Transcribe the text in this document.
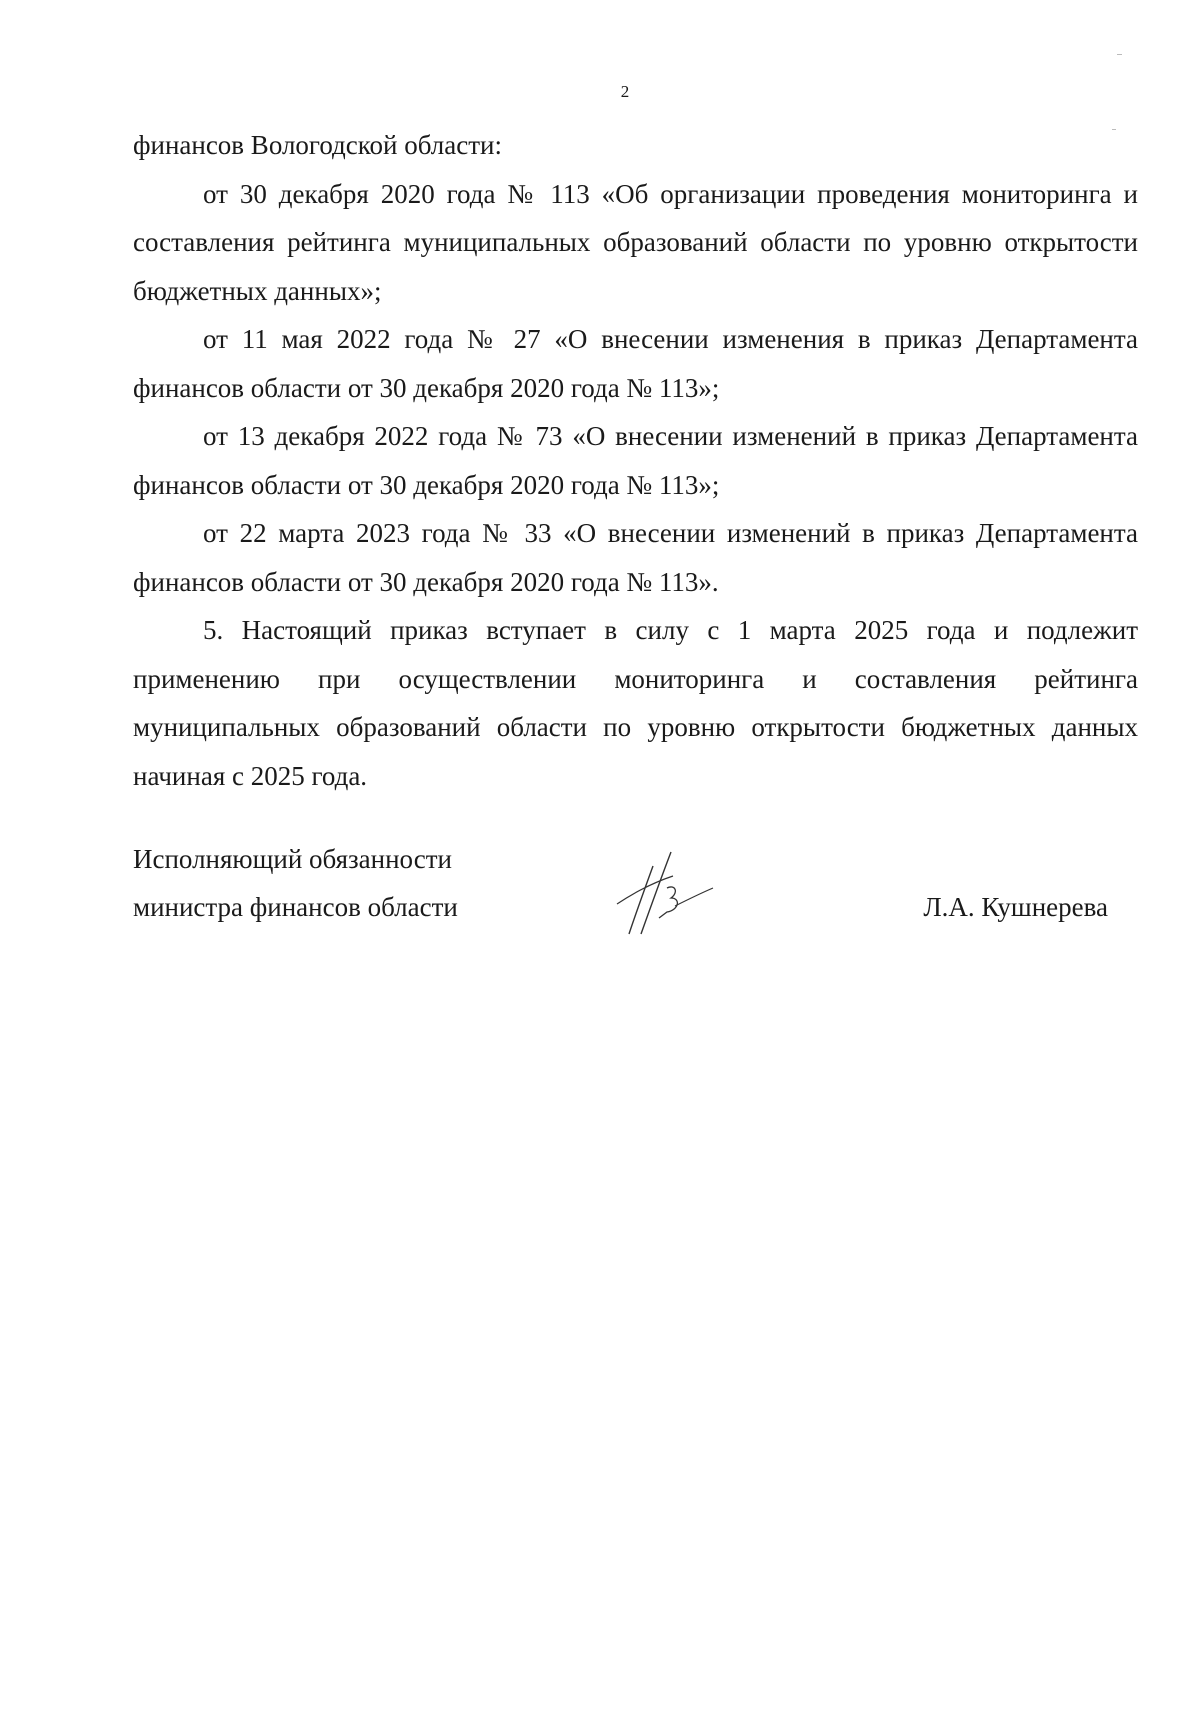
2

финансов Вологодской области:

от 30 декабря 2020 года № 113 «Об организации проведения мониторинга и составления рейтинга муниципальных образований области по уровню открытости бюджетных данных»;

от 11 мая 2022 года № 27 «О внесении изменения в приказ Департамента финансов области от 30 декабря 2020 года № 113»;

от 13 декабря 2022 года № 73 «О внесении изменений в приказ Департамента финансов области от 30 декабря 2020 года № 113»;

от 22 марта 2023 года № 33 «О внесении изменений в приказ Департамента финансов области от 30 декабря 2020 года № 113».

5. Настоящий приказ вступает в силу с 1 марта 2025 года и подлежит применению при осуществлении мониторинга и составления рейтинга муниципальных образований области по уровню открытости бюджетных данных начиная с 2025 года.

Исполняющий обязанности
министра финансов области	Л.А. Кушнерева
